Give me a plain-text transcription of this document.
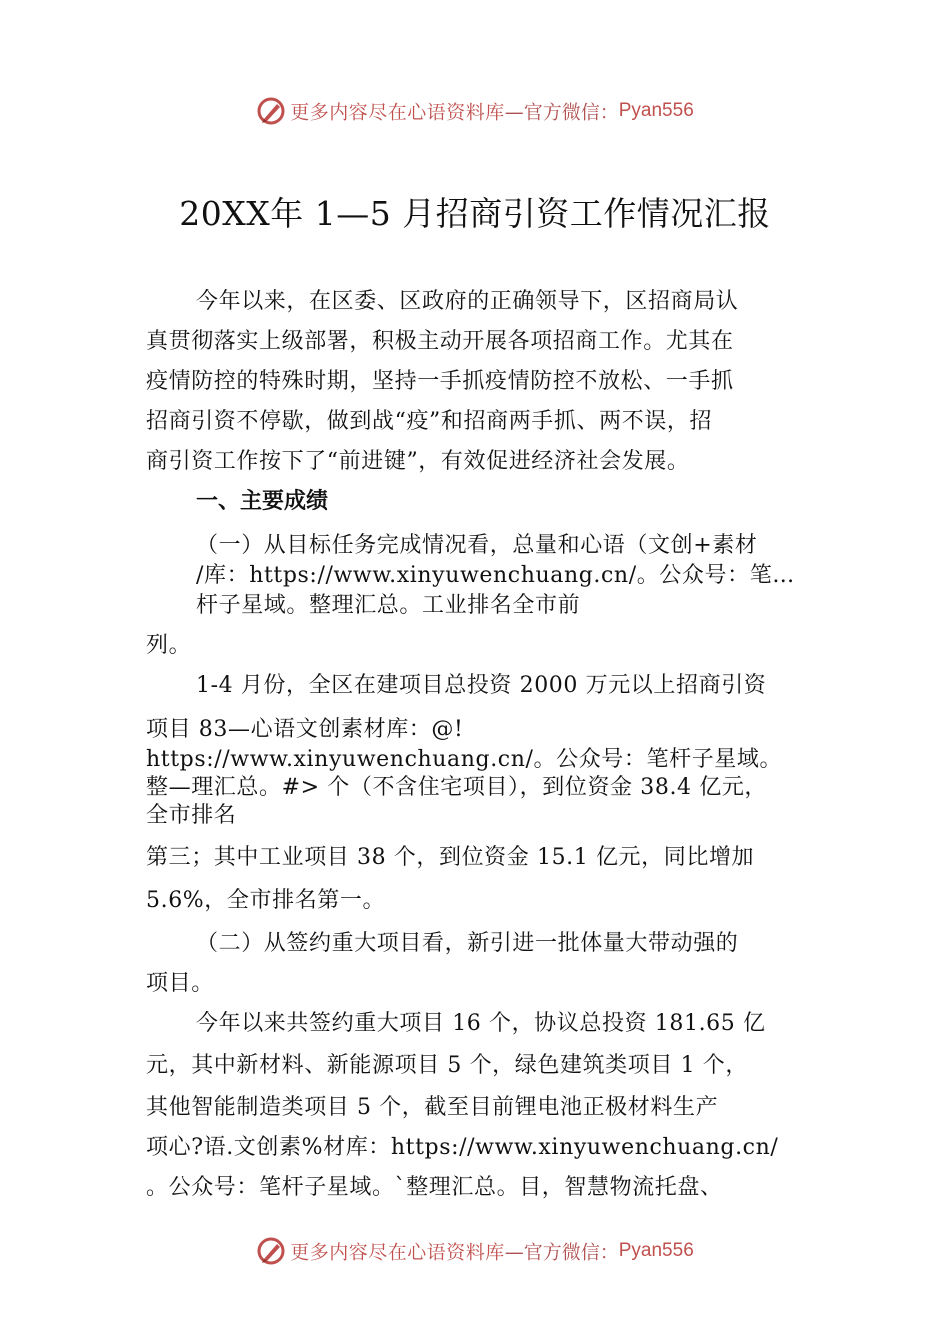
更多内容尽在心语资料库—官方微信：Pyan556
20XX年 1—5 月招商引资工作情况汇报
今年以来，在区委、区政府的正确领导下，区招商局认
真贯彻落实上级部署，积极主动开展各项招商工作。尤其在
疫情防控的特殊时期，坚持一手抓疫情防控不放松、一手抓
招商引资不停歇，做到战“疫”和招商两手抓、两不误，招
商引资工作按下了“前进键”，有效促进经济社会发展。
一、主要成绩
（一）从目标任务完成情况看，总量和心语（文创+素材
/库：https://www.xinyuwenchuang.cn/。公众号：笔…
杆子星域。整理汇总。工业排名全市前
列。
1-4 月份，全区在建项目总投资 2000 万元以上招商引资
项目 83—心语文创素材库：@!
https://www.xinyuwenchuang.cn/。公众号：笔杆子星域。
整—理汇总。#> 个（不含住宅项目），到位资金 38.4 亿元，
全市排名
第三；其中工业项目 38 个，到位资金 15.1 亿元，同比增加
5.6%，全市排名第一。
（二）从签约重大项目看，新引进一批体量大带动强的
项目。
今年以来共签约重大项目 16 个，协议总投资 181.65 亿
元，其中新材料、新能源项目 5 个，绿色建筑类项目 1 个，
其他智能制造类项目 5 个，截至目前锂电池正极材料生产
项心?语.文创素%材库：https://www.xinyuwenchuang.cn/
。公众号：笔杆子星域。`整理汇总。目，智慧物流托盘、
更多内容尽在心语资料库—官方微信：Pyan556
